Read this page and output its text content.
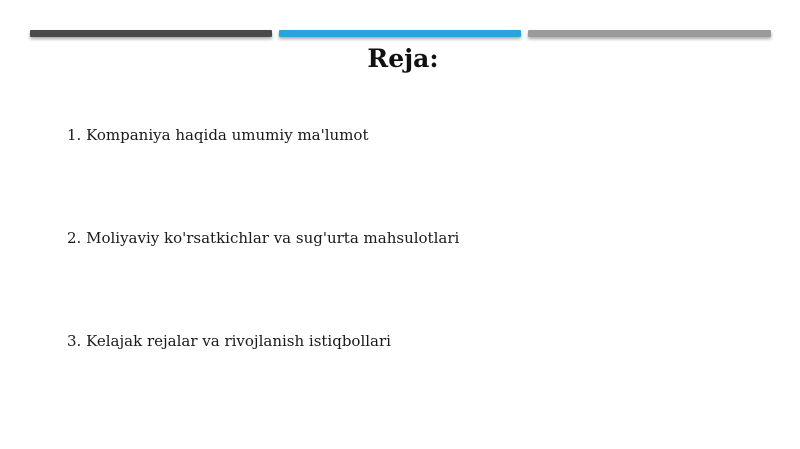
Reja:
1. Kompaniya haqida umumiy ma'lumot
2. Moliyaviy ko'rsatkichlar va sug'urta mahsulotlari
3. Kelajak rejalar va rivojlanish istiqbollari
